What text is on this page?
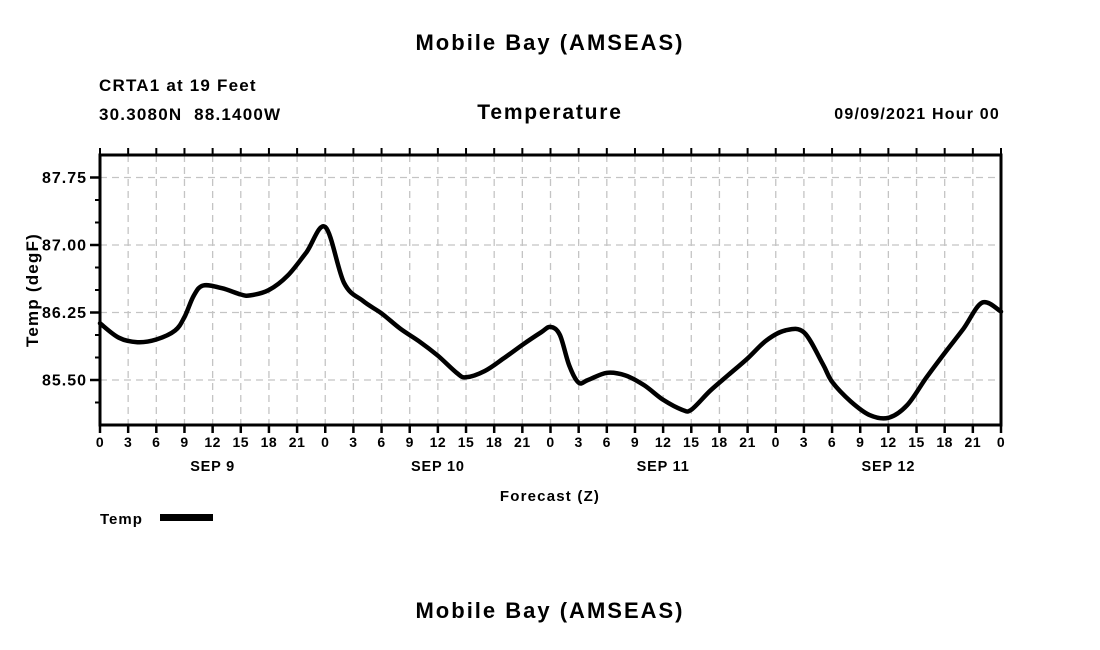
Mobile Bay (AMSEAS)
CRTA1 at 19 Feet
30.3080N  88.1400W	Temperature	09/09/2021 Hour 00
Mobile Bay (AMSEAS)
85.50
86.25
87.00
87.75
0 3 6 9 12 15 18 21 0 3 6 9 12 15 18 21 0 3 6 9 12 15 18 21 0 3 6 9 12 15 18 21 0
SEP 9	SEP 10	SEP 11	SEP 12
Temp (degF)
Forecast (Z)
Temp
